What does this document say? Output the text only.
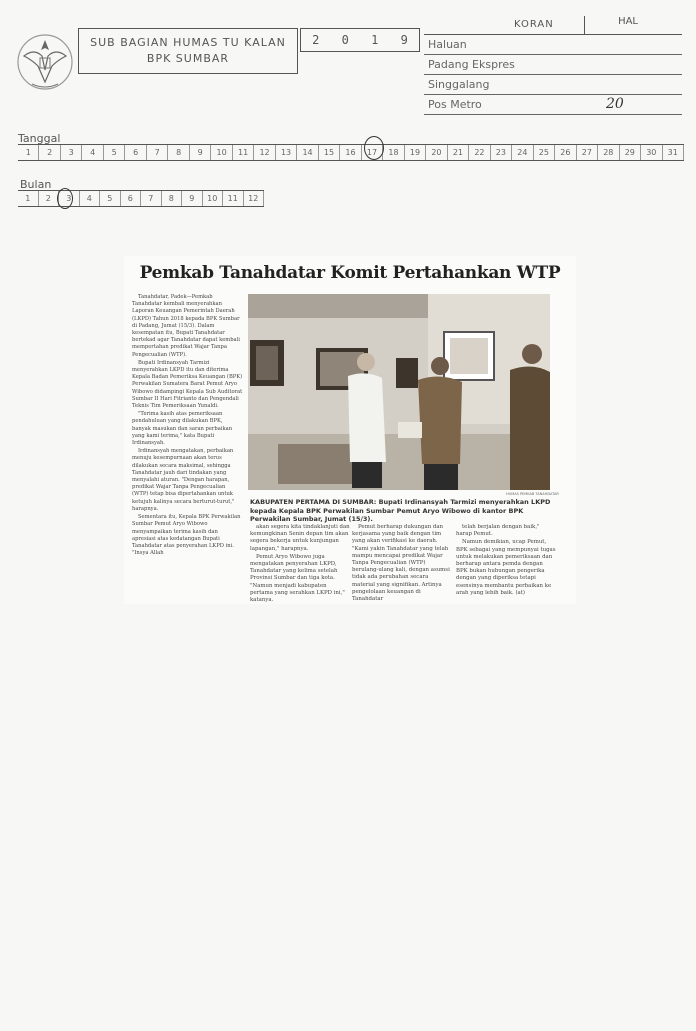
SUB BAGIAN HUMAS TU KALAN
BPK SUMBAR
2 0 1 9
KORAN	HAL
Haluan
Padang Ekspres
Singgalang
Pos Metro	20
Tanggal
1	2	3	4	5	6	7	8	9	10	11	12	13	14	15	16	17	18	19	20	21	22	23	24	25	26	27	28	29	30	31
Bulan
1	2	3	4	5	6	7	8	9	10	11	12
Pemkab Tanahdatar Komit Pertahankan WTP

Tanahdatar, Padek—Pemkab Tanahdatar kembali menyerahkan Laporan Keuangan Pemerintah Daerah (LKPD) Tahun 2018 kepada BPK Sumbar di Padang, Jumat (15/3). Dalam kesempatan itu, Bupati Tanahdatar bertekad agar Tanahdatar dapat kembali mempertahan predikat Wajar Tanpa Pengecualian (WTP).

Bupati Irdinansyah Tarmizi menyerahkan LKPD itu dan diterima Kepala Badan Pemeriksa Keuangan (BPK) Perwakilan Sumatera Barat Pemut Aryo Wibowo didampingi Kepala Sub Auditorat Sumbar II Hari Fitrianto dan Pengendali Teknis Tim Pemeriksaan Yunaldi.

"Terima kasih atas pemeriksaan pendahuluan yang dilakukan BPK, banyak masukan dan saran perbaikan yang kami terima," kata Bupati Irdinansyah.

Irdinansyah mengatakan, perbaikan menuju kesempurnaan akan terus dilakukan secara maksimal, sehingga Tanahdatar jauh dari tindakan yang menyalahi aturan. "Dengan harapan, predikat Wajar Tanpa Pengecualian (WTP) tetap bisa dipertahankan untuk ketujuh kalinya secara berturut-turut," harapnya.

Sementara itu, Kepala BPK Perwakilan Sumbar Pemut Aryo Wibowo menyampaikan terima kasih dan apresiasi atas kedatangan Bupati Tanahdatar atas penyerahan LKPD ini. "Insya Allah

HUMAS PEMKAB TANAHDATAR
KABUPATEN PERTAMA DI SUMBAR: Bupati Irdinansyah Tarmizi menyerahkan LKPD kepada Kepala BPK Perwakilan Sumbar Pemut Aryo Wibowo di kantor BPK Perwakilan Sumbar, Jumat (15/3).

akan segera kita tindaklanjuti dan kemungkinan Senin depan tim akan segera bekerja untuk kunjungan lapangan," harapnya.

Pemut Aryo Wibowo juga mengatakan penyerahan LKPD, Tanahdatar yang kelima setelah Provinsi Sumbar dan tiga kota. "Namun menjadi kabupaten pertama yang serahkan LKPD ini," katanya.

Pemut berharap dukungan dan kerjasama yang baik dengan tim yang akan verifikasi ke daerah. "Kami yakin Tanahdatar yang telah mampu mencapai predikat Wajar Tanpa Pengecualian (WTP) berulang-ulang kali, dengan asumsi tidak ada perubahan secara material yang signifikan. Artinya pengelolaan keuangan di Tanahdatar

telah berjalan dengan baik," harap Pemut.

Namun demikian, ucap Pemut, BPK sebagai yang mempunyai tugas untuk melakukan pemeriksaan dan berharap antara pemda dengan BPK bukan hubungan pengerika dengan yang diperiksa tetapi esensinya membantu perbaikan ke arah yang lebih baik. (at)
